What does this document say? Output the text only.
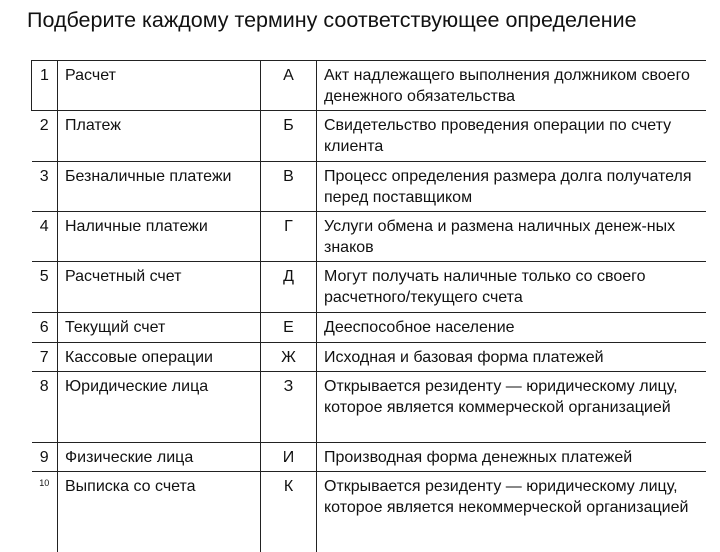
Подберите каждому термину соответствующее определение
1	Расчет	А	Акт надлежащего выполнения должником своего денежного обязательства
2	Платеж	Б	Свидетельство проведения операции по счету клиента
3	Безналичные платежи	В	Процесс определения размера долга получателя перед поставщиком
4	Наличные платежи	Г	Услуги обмена и размена наличных денеж-ных знаков
5	Расчетный счет	Д	Могут получать наличные только со своего расчетного/текущего счета
6	Текущий счет	Е	Дееспособное население
7	Кассовые операции	Ж	Исходная и базовая форма платежей
8	Юридические лица	З	Открывается резиденту — юридическому лицу, которое является коммерческой организацией
9	Физические лица	И	Производная форма денежных платежей
10	Выписка со счета	К	Открывается резиденту — юридическому лицу, которое является некоммерческой организацией
